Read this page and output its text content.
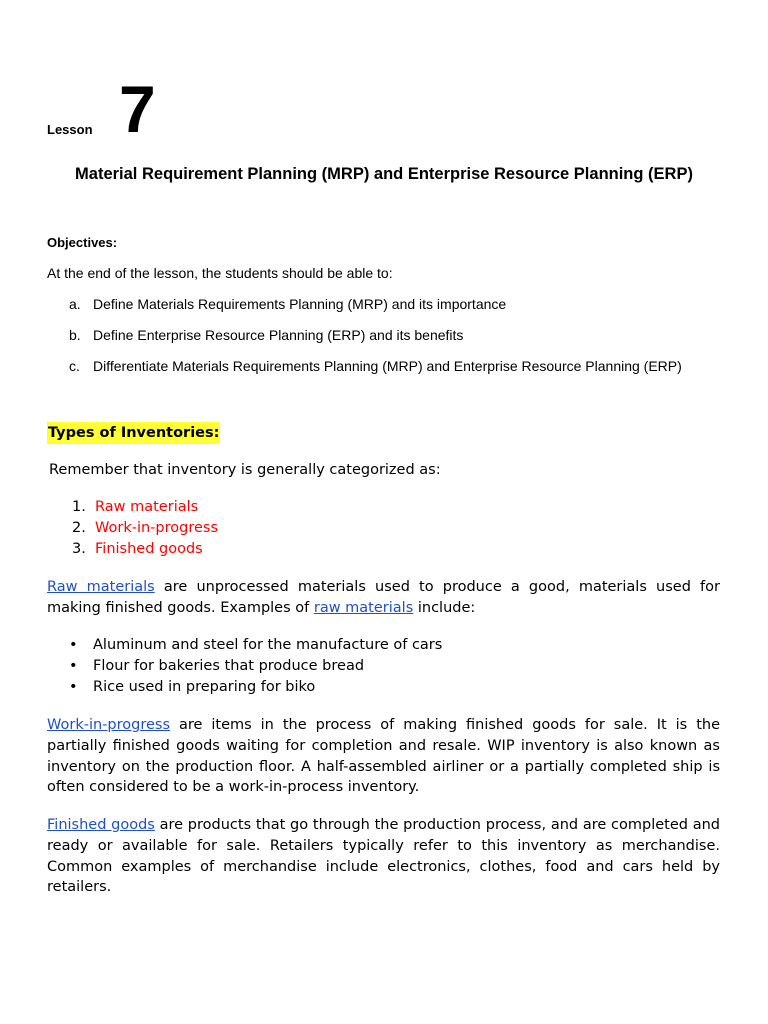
Lesson 7
Material Requirement Planning (MRP) and Enterprise Resource Planning (ERP)
Objectives:
At the end of the lesson, the students should be able to:
a. Define Materials Requirements Planning (MRP) and its importance
b. Define Enterprise Resource Planning (ERP) and its benefits
c. Differentiate Materials Requirements Planning (MRP) and Enterprise Resource Planning (ERP)
Types of Inventories:
Remember that inventory is generally categorized as:
1. Raw materials
2. Work-in-progress
3. Finished goods

Raw materials are unprocessed materials used to produce a good, materials used for making finished goods. Examples of raw materials include:

• Aluminum and steel for the manufacture of cars
• Flour for bakeries that produce bread
• Rice used in preparing for biko

Work-in-progress are items in the process of making finished goods for sale. It is the partially finished goods waiting for completion and resale. WIP inventory is also known as inventory on the production floor. A half-assembled airliner or a partially completed ship is often considered to be a work-in-process inventory.

Finished goods are products that go through the production process, and are completed and ready or available for sale. Retailers typically refer to this inventory as merchandise. Common examples of merchandise include electronics, clothes, food and cars held by retailers.
